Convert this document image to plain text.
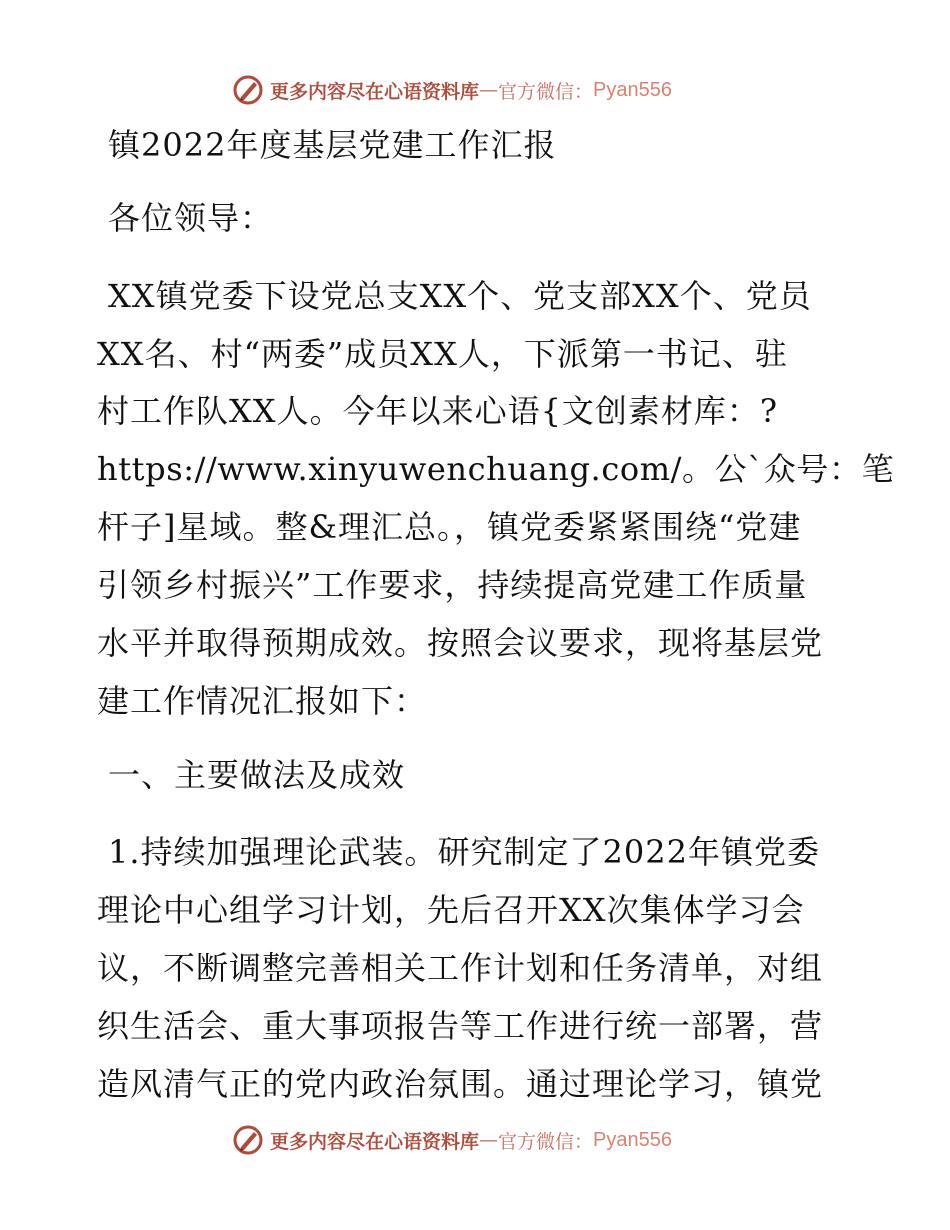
更多内容尽在心语资料库 — 官方微信： Pyan556
镇2022年度基层党建工作汇报
各位领导：
XX镇党委下设党总支XX个、党支部XX个、党员
XX名、村“两委”成员XX人，下派第一书记、驻
村工作队XX人。今年以来心语{文创素材库：?
https://www.xinyuwenchuang.com/。公`众号：笔
杆子]星域。整&理汇总。，镇党委紧紧围绕“党建
引领乡村振兴”工作要求，持续提高党建工作质量
水平并取得预期成效。按照会议要求，现将基层党
建工作情况汇报如下：
一、主要做法及成效
1.持续加强理论武装。研究制定了2022年镇党委
理论中心组学习计划，先后召开XX次集体学习会
议，不断调整完善相关工作计划和任务清单，对组
织生活会、重大事项报告等工作进行统一部署，营
造风清气正的党内政治氛围。通过理论学习，镇党
更多内容尽在心语资料库 — 官方微信： Pyan556
